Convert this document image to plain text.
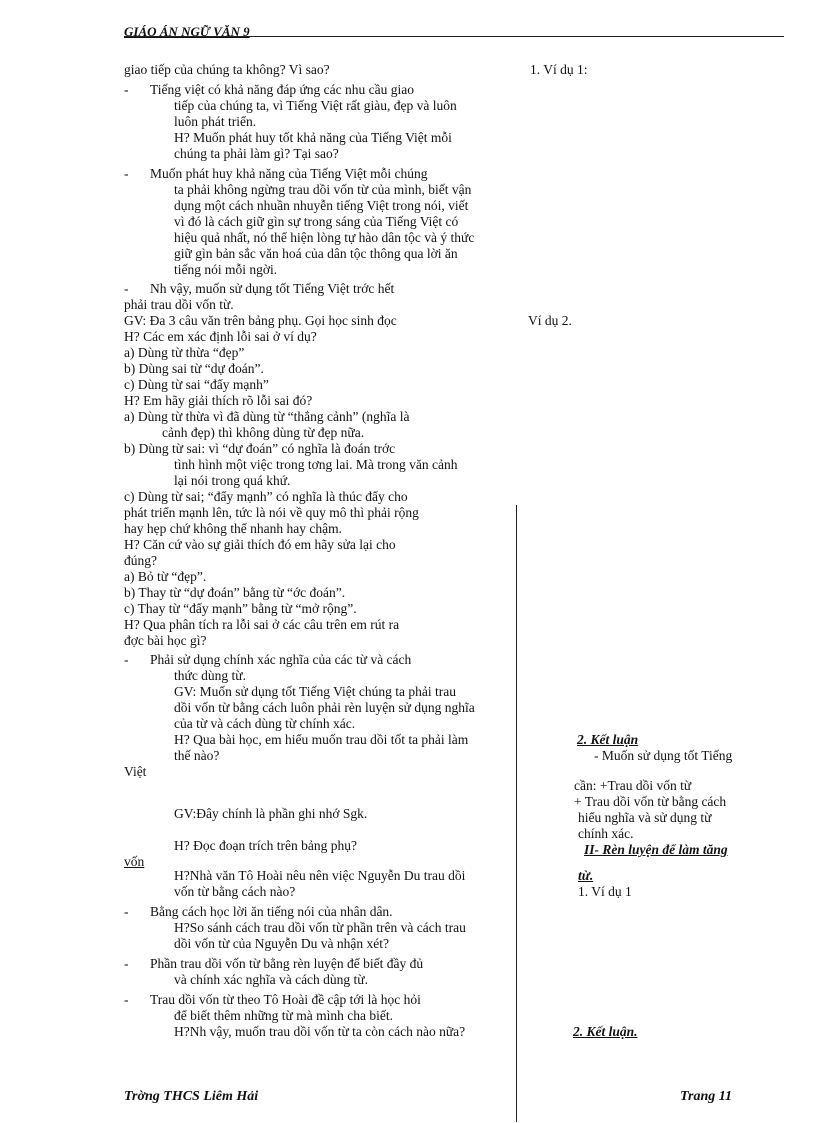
GIÁO ÁN NGỮ VĂN 9
giao tiếp của chúng ta không? Vì sao?	1. Ví dụ 1:
- Tiếng việt có khả năng đáp ứng các nhu cầu giao
tiếp của chúng ta, vì Tiếng Việt rất giàu, đẹp và luôn
luôn phát triển.
H? Muốn phát huy tốt khả năng của Tiếng Việt mỗi
chúng ta phải làm gì? Tại sao?
- Muốn phát huy khả năng của Tiếng Việt mỗi chúng
ta phải không ngừng trau dồi vốn từ của mình, biết vận
dụng một cách nhuần nhuyễn tiếng Việt trong nói, viết
vì đó là cách giữ gìn sự trong sáng của Tiếng Việt có
hiệu quả nhất, nó thể hiện lòng tự hào dân tộc và ý thức
giữ gìn bản sắc văn hoá của dân tộc thông qua lời ăn
tiếng nói mỗi ngời.
- Nh vậy, muốn sử dụng tốt Tiếng Việt trớc hết
phải trau dồi vốn từ.
GV: Đa 3 câu văn trên bảng phụ. Gọi học sinh đọc	Ví dụ 2.
H? Các em xác định lỗi sai ở ví dụ?
a) Dùng từ thừa “đẹp”
b) Dùng sai từ “dự đoán”.
c) Dùng từ sai “đẩy mạnh”
H? Em hãy giải thích rõ lỗi sai đó?
a) Dùng từ thừa vì đã dùng từ “thắng cảnh” (nghĩa là
cảnh đẹp) thì không dùng từ đẹp nữa.
b) Dùng từ sai: vì “dự đoán” có nghĩa là đoán trớc
tình hình một việc trong tơng lai. Mà trong văn cảnh
lại nói trong quá khứ.
c) Dùng từ sai; “đẩy mạnh” có nghĩa là thúc đẩy cho
phát triển mạnh lên, tức là nói về quy mô thì phải rộng
hay hẹp chứ không thể nhanh hay chậm.
H? Căn cứ vào sự giải thích đó em hãy sửa lại cho
đúng?
a) Bỏ từ “đẹp”.
b) Thay từ “dự đoán” bằng từ “ớc đoán”.
c) Thay từ “đẩy mạnh” bằng từ “mở rộng”.
H? Qua phân tích ra lỗi sai ở các câu trên em rút ra
đợc bài học gì?
- Phải sử dụng chính xác nghĩa của các từ và cách
thức dùng từ.
GV: Muốn sử dụng tốt Tiếng Việt chúng ta phải trau
dồi vốn từ bằng cách luôn phải rèn luyện sử dụng nghĩa
của từ và cách dùng từ chính xác.
H? Qua bài học, em hiểu muốn trau dồi tốt ta phải làm	2. Kết luận
thế nào?	- Muốn sử dụng tốt Tiếng
Việt
cần: +Trau dồi vốn từ
+ Trau dồi vốn từ bằng cách
GV:Đây chính là phần ghi nhớ Sgk.	hiểu nghĩa và sử dụng từ
chính xác.
H? Đọc đoạn trích trên bảng phụ?	II- Rèn luyện để làm tăng
vốn
H?Nhà văn Tô Hoài nêu nên việc Nguyễn Du trau dồi	từ.
vốn từ bằng cách nào?	1. Ví dụ 1
- Bằng cách học lời ăn tiếng nói của nhân dân.
H?So sánh cách trau dồi vốn từ phần trên và cách trau
dồi vốn từ của Nguyễn Du và nhận xét?
- Phần trau dồi vốn từ bằng rèn luyện để biết đầy đủ
và chính xác nghĩa và cách dùng từ.
- Trau dồi vốn từ theo Tô Hoài đề cập tới là học hỏi
để biết thêm những từ mà mình cha biết.
H?Nh vậy, muốn trau dồi vốn từ ta còn cách nào nữa?	2. Kết luận.
Trờng THCS Liêm Hải	Trang 11
